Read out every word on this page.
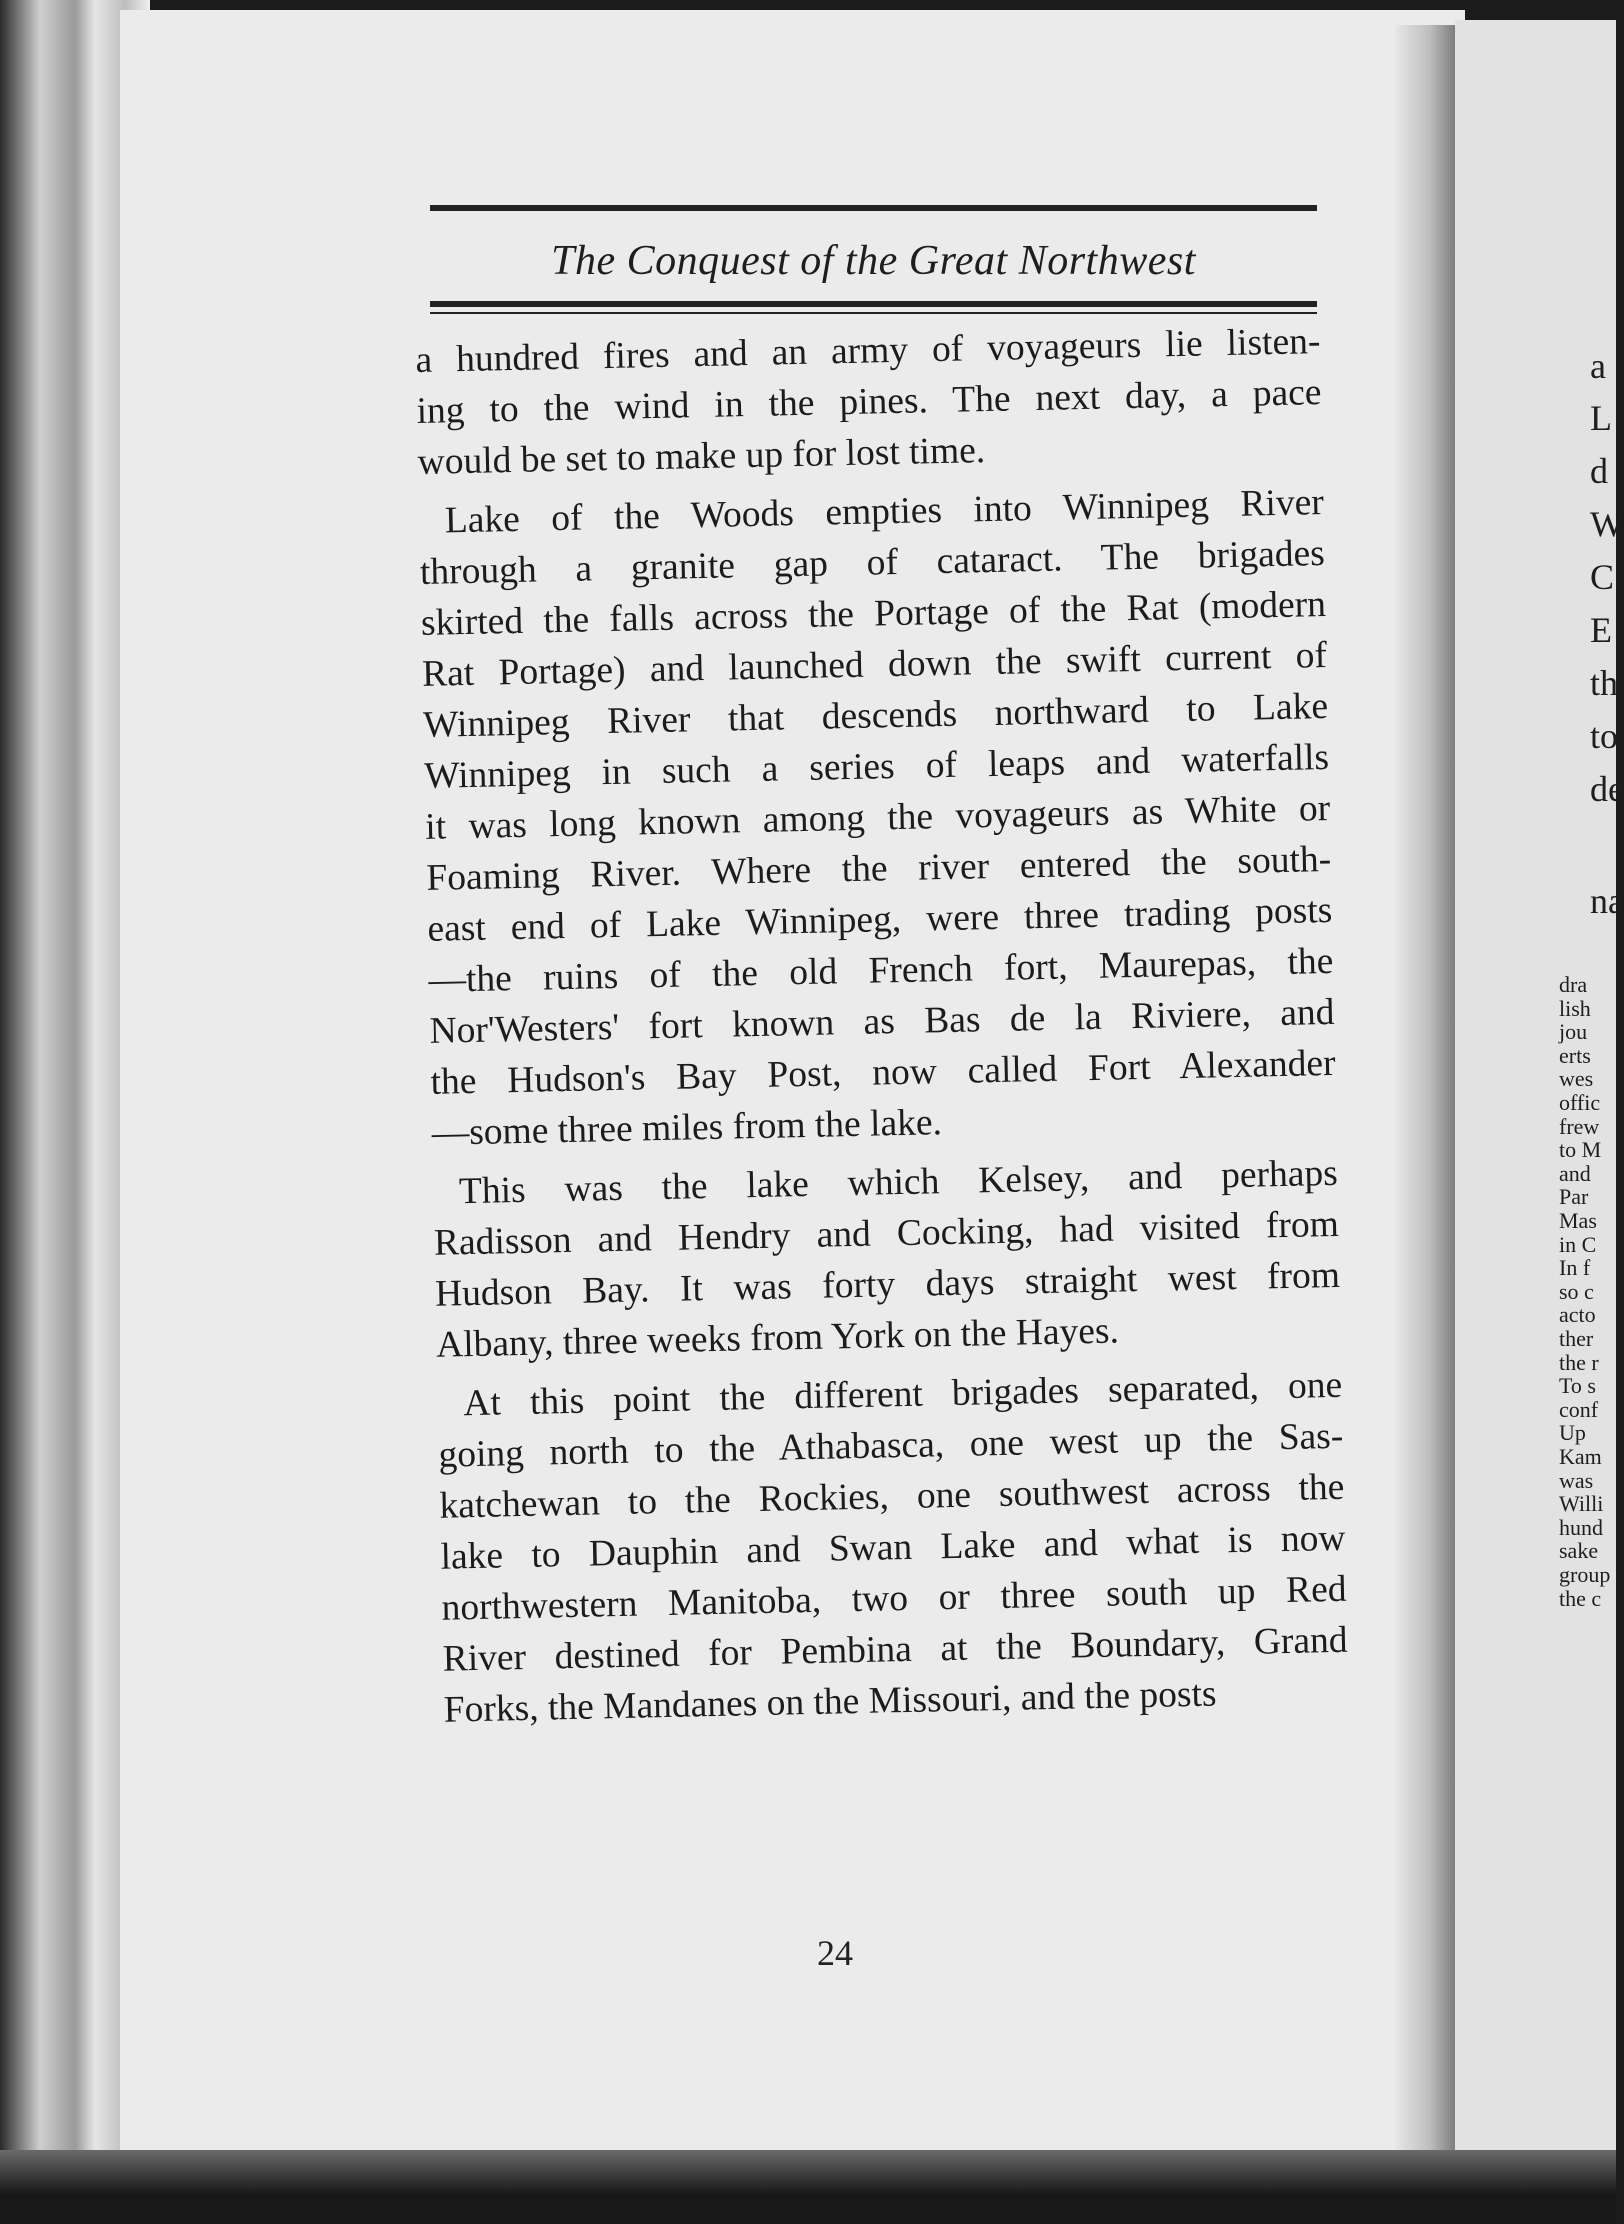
a
L
d
W
C
E
th
to
de
na
dra
lish
jou
erts
wes
offic
frew
to M
and
Par
Mas
in C
In f
so c
acto
ther
the r
To s
conf
Up
Kam
was
Willi
hund
sake
group
the c
The Conquest of the Great Northwest
a hundred fires and an army of voyageurs lie listen-
ing to the wind in the pines. The next day, a pace
would be set to make up for lost time.
Lake of the Woods empties into Winnipeg River
through a granite gap of cataract. The brigades
skirted the falls across the Portage of the Rat (modern
Rat Portage) and launched down the swift current of
Winnipeg River that descends northward to Lake
Winnipeg in such a series of leaps and waterfalls
it was long known among the voyageurs as White or
Foaming River. Where the river entered the south-
east end of Lake Winnipeg, were three trading posts
—the ruins of the old French fort, Maurepas, the
Nor'Westers' fort known as Bas de la Riviere, and
the Hudson's Bay Post, now called Fort Alexander
—some three miles from the lake.
This was the lake which Kelsey, and perhaps
Radisson and Hendry and Cocking, had visited from
Hudson Bay. It was forty days straight west from
Albany, three weeks from York on the Hayes.
At this point the different brigades separated, one
going north to the Athabasca, one west up the Sas-
katchewan to the Rockies, one southwest across the
lake to Dauphin and Swan Lake and what is now
northwestern Manitoba, two or three south up Red
River destined for Pembina at the Boundary, Grand
Forks, the Mandanes on the Missouri, and the posts
24
